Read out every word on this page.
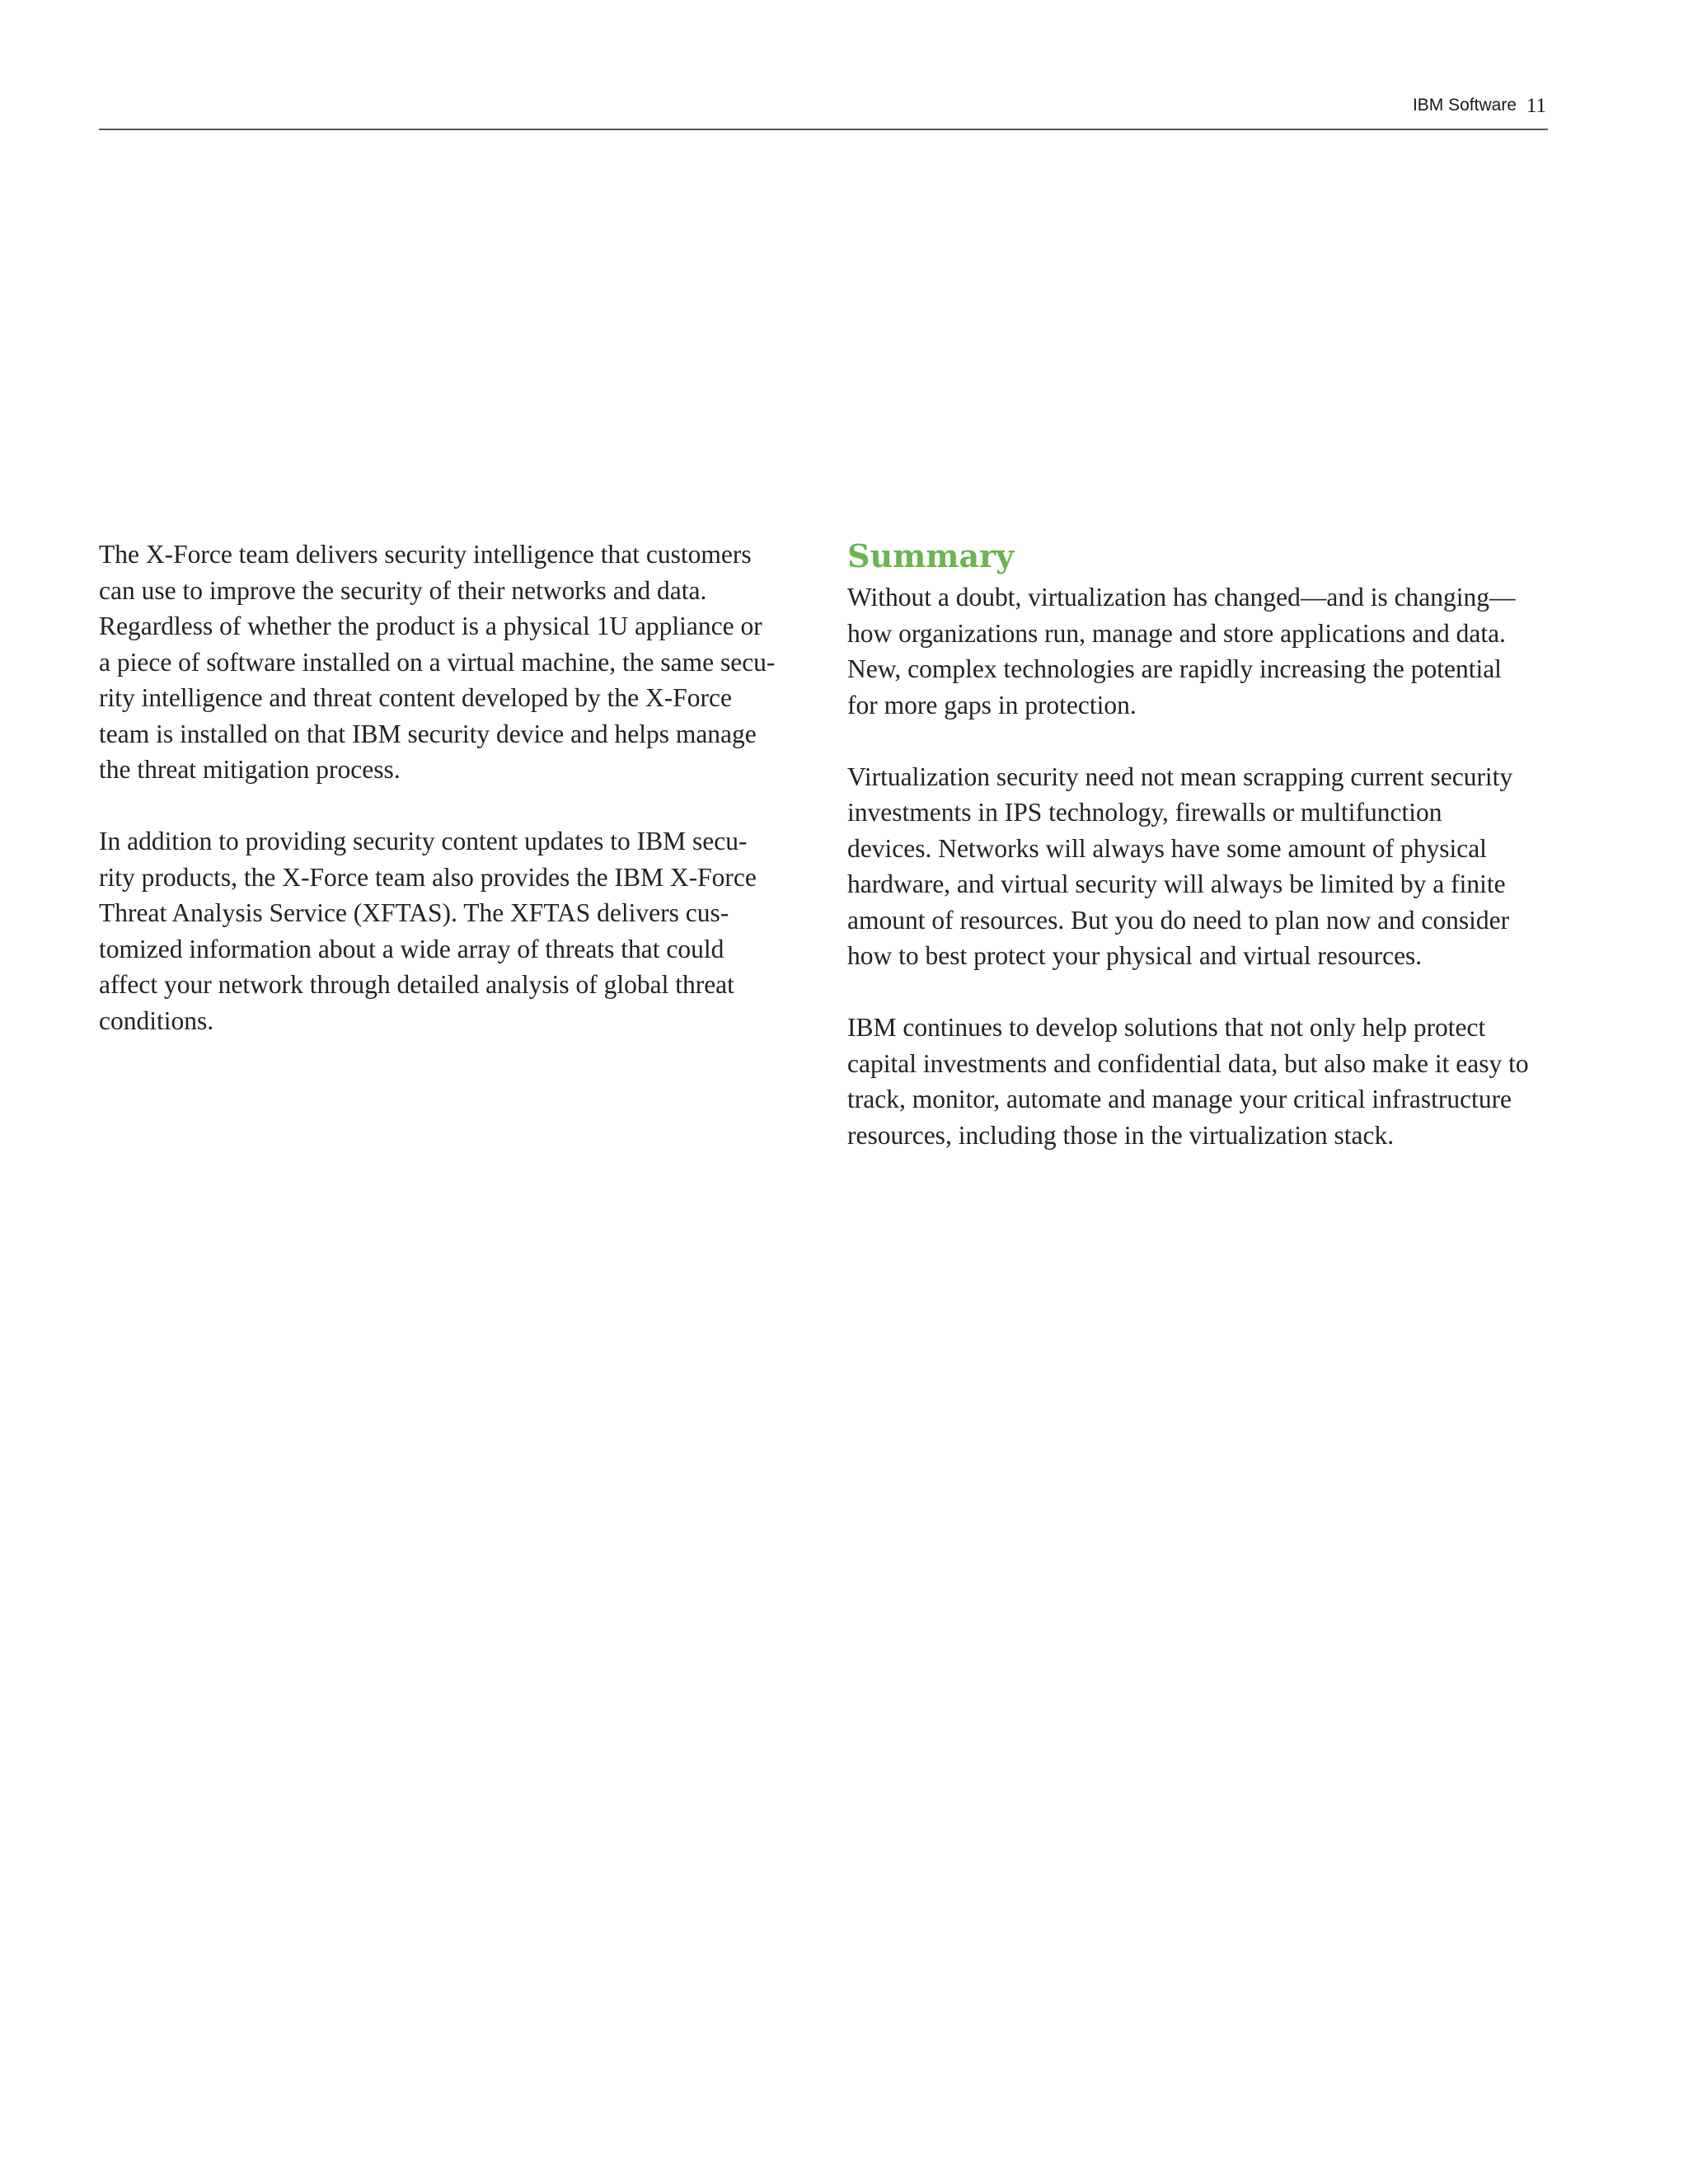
IBM Software 11

The X-Force team delivers security intelligence that customers
can use to improve the security of their networks and data.
Regardless of whether the product is a physical 1U appliance or
a piece of software installed on a virtual machine, the same secu-
rity intelligence and threat content developed by the X-Force
team is installed on that IBM security device and helps manage
the threat mitigation process.

In addition to providing security content updates to IBM secu-
rity products, the X-Force team also provides the IBM X-Force
Threat Analysis Service (XFTAS). The XFTAS delivers cus-
tomized information about a wide array of threats that could
affect your network through detailed analysis of global threat
conditions.

Summary

Without a doubt, virtualization has changed—and is changing—
how organizations run, manage and store applications and data.
New, complex technologies are rapidly increasing the potential
for more gaps in protection.

Virtualization security need not mean scrapping current security
investments in IPS technology, firewalls or multifunction
devices. Networks will always have some amount of physical
hardware, and virtual security will always be limited by a finite
amount of resources. But you do need to plan now and consider
how to best protect your physical and virtual resources.

IBM continues to develop solutions that not only help protect
capital investments and confidential data, but also make it easy to
track, monitor, automate and manage your critical infrastructure
resources, including those in the virtualization stack.
